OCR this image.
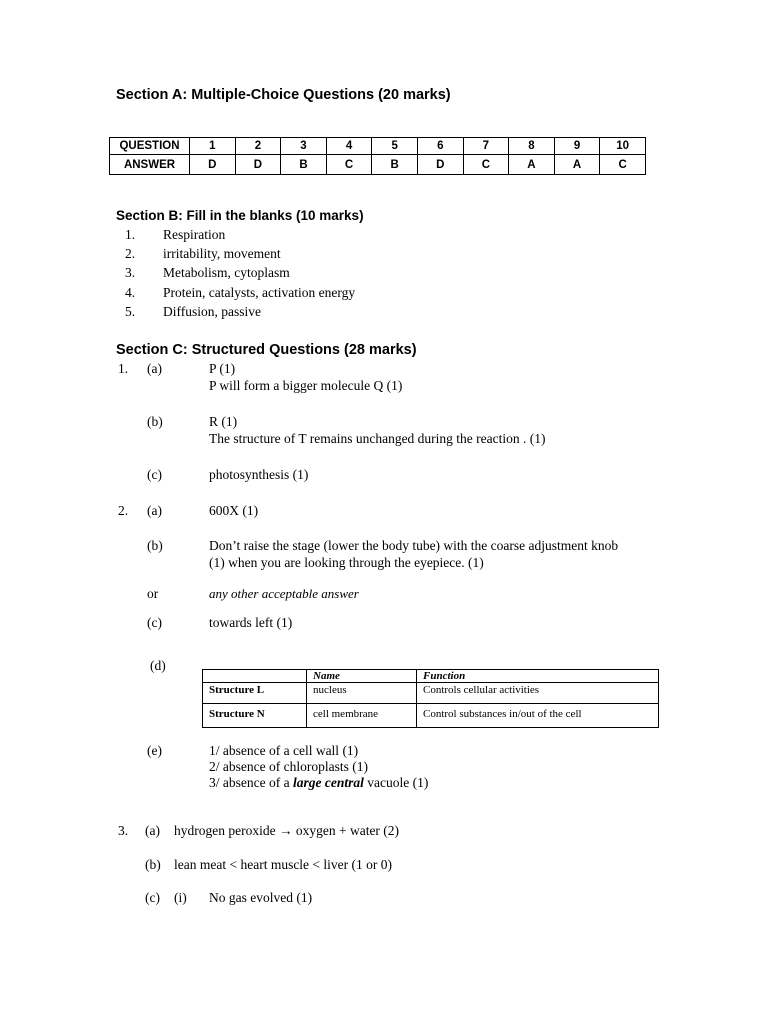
Section A: Multiple-Choice Questions (20 marks)
QUESTION	1	2	3	4	5	6	7	8	9	10
ANSWER	D	D	B	C	B	D	C	A	A	C
Section B: Fill in the blanks (10 marks)
1. Respiration
2. irritability, movement
3. Metabolism, cytoplasm
4. Protein, catalysts, activation energy
5. Diffusion, passive
Section C: Structured Questions (28 marks)
1. (a)	P (1)
P will form a bigger molecule Q (1)
(b)	R (1)
The structure of T remains unchanged during the reaction . (1)
(c)	photosynthesis (1)
2. (a)	600X (1)
(b)	Don’t raise the stage (lower the body tube) with the coarse adjustment knob
(1) when you are looking through the eyepiece. (1)
or	any other acceptable answer
(c)	towards left (1)
(d)
	Name	Function
Structure L	nucleus	Controls cellular activities
Structure N	cell membrane	Control substances in/out of the cell
(e)	1/ absence of a cell wall (1)
2/ absence of chloroplasts (1)
3/ absence of a large central vacuole (1)
3. (a) hydrogen peroxide → oxygen + water (2)
(b) lean meat < heart muscle < liver (1 or 0)
(c) (i) No gas evolved (1)
